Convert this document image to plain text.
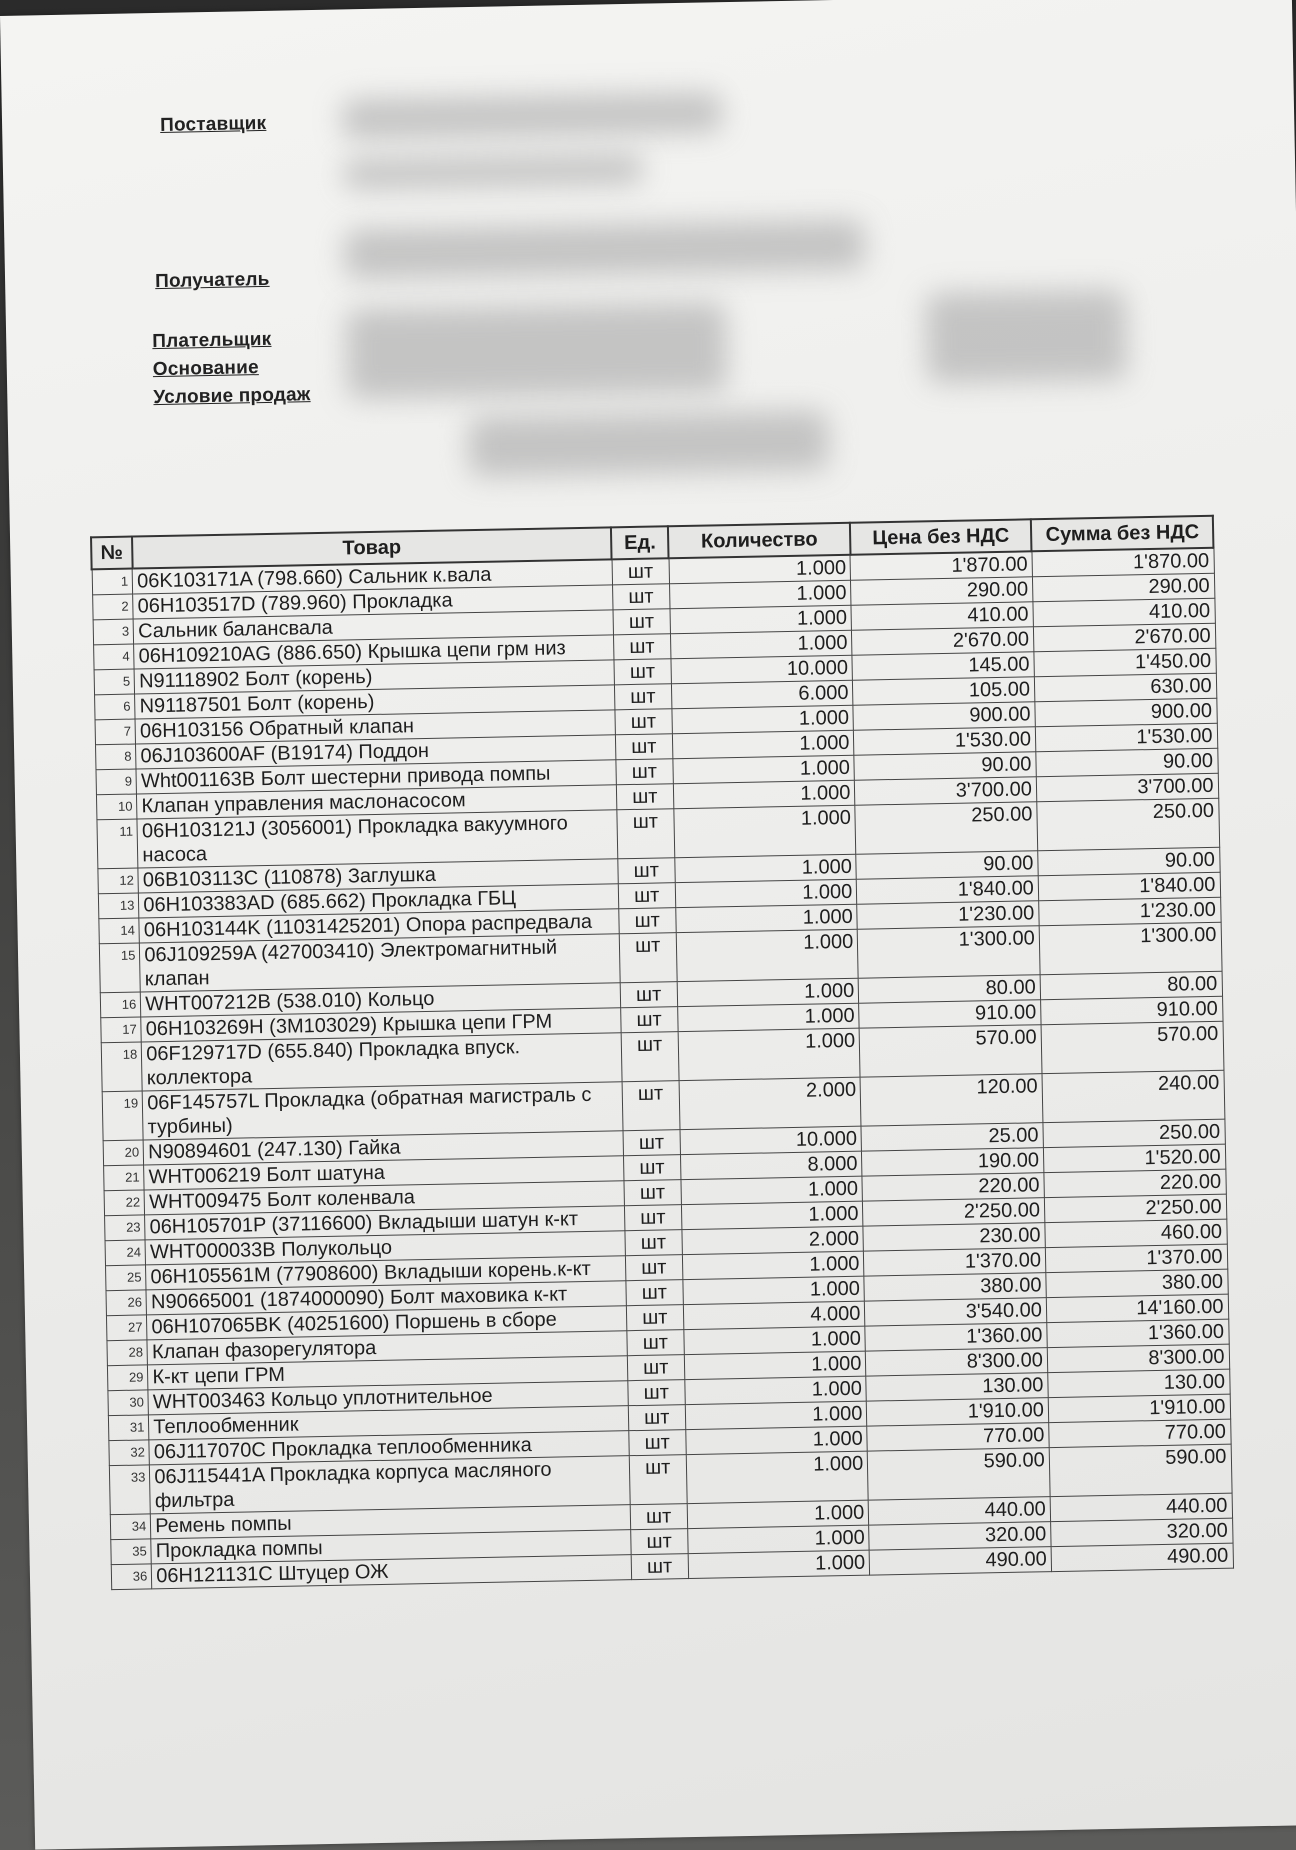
Поставщик
Получатель
Плательщик
Основание
Условие продаж
№	Товар	Ед.	Количество	Цена без НДС	Сумма без НДС
1	06K103171A (798.660) Сальник к.вала	шт	1.000	1'870.00	1'870.00
2	06H103517D (789.960) Прокладка	шт	1.000	290.00	290.00
3	Сальник балансвала	шт	1.000	410.00	410.00
4	06H109210AG (886.650) Крышка цепи грм низ	шт	1.000	2'670.00	2'670.00
5	N91118902 Болт (корень)	шт	10.000	145.00	1'450.00
6	N91187501 Болт (корень)	шт	6.000	105.00	630.00
7	06H103156 Обратный клапан	шт	1.000	900.00	900.00
8	06J103600AF (B19174) Поддон	шт	1.000	1'530.00	1'530.00
9	Wht001163B Болт шестерни привода помпы	шт	1.000	90.00	90.00
10	Клапан управления маслонасосом	шт	1.000	3'700.00	3'700.00
11	06H103121J (3056001) Прокладка вакуумного насоса	шт	1.000	250.00	250.00
12	06B103113C (110878) Заглушка	шт	1.000	90.00	90.00
13	06H103383AD (685.662) Прокладка ГБЦ	шт	1.000	1'840.00	1'840.00
14	06H103144K (11031425201) Опора распредвала	шт	1.000	1'230.00	1'230.00
15	06J109259A (427003410) Электромагнитный клапан	шт	1.000	1'300.00	1'300.00
16	WHT007212B (538.010) Кольцо	шт	1.000	80.00	80.00
17	06H103269H (3M103029) Крышка цепи ГРМ	шт	1.000	910.00	910.00
18	06F129717D (655.840) Прокладка впуск. коллектора	шт	1.000	570.00	570.00
19	06F145757L Прокладка (обратная магистраль с турбины)	шт	2.000	120.00	240.00
20	N90894601 (247.130) Гайка	шт	10.000	25.00	250.00
21	WHT006219 Болт шатуна	шт	8.000	190.00	1'520.00
22	WHT009475 Болт коленвала	шт	1.000	220.00	220.00
23	06H105701P (37116600) Вкладыши шатун к-кт	шт	1.000	2'250.00	2'250.00
24	WHT000033B Полукольцо	шт	2.000	230.00	460.00
25	06H105561M (77908600) Вкладыши корень.к-кт	шт	1.000	1'370.00	1'370.00
26	N90665001 (1874000090) Болт маховика к-кт	шт	1.000	380.00	380.00
27	06H107065BK (40251600) Поршень в сборе	шт	4.000	3'540.00	14'160.00
28	Клапан фазорегулятора	шт	1.000	1'360.00	1'360.00
29	К-кт цепи ГРМ	шт	1.000	8'300.00	8'300.00
30	WHT003463 Кольцо уплотнительное	шт	1.000	130.00	130.00
31	Теплообменник	шт	1.000	1'910.00	1'910.00
32	06J117070C Прокладка теплообменника	шт	1.000	770.00	770.00
33	06J115441A Прокладка корпуса масляного фильтра	шт	1.000	590.00	590.00
34	Ремень помпы	шт	1.000	440.00	440.00
35	Прокладка помпы	шт	1.000	320.00	320.00
36	06H121131C Штуцер ОЖ	шт	1.000	490.00	490.00
